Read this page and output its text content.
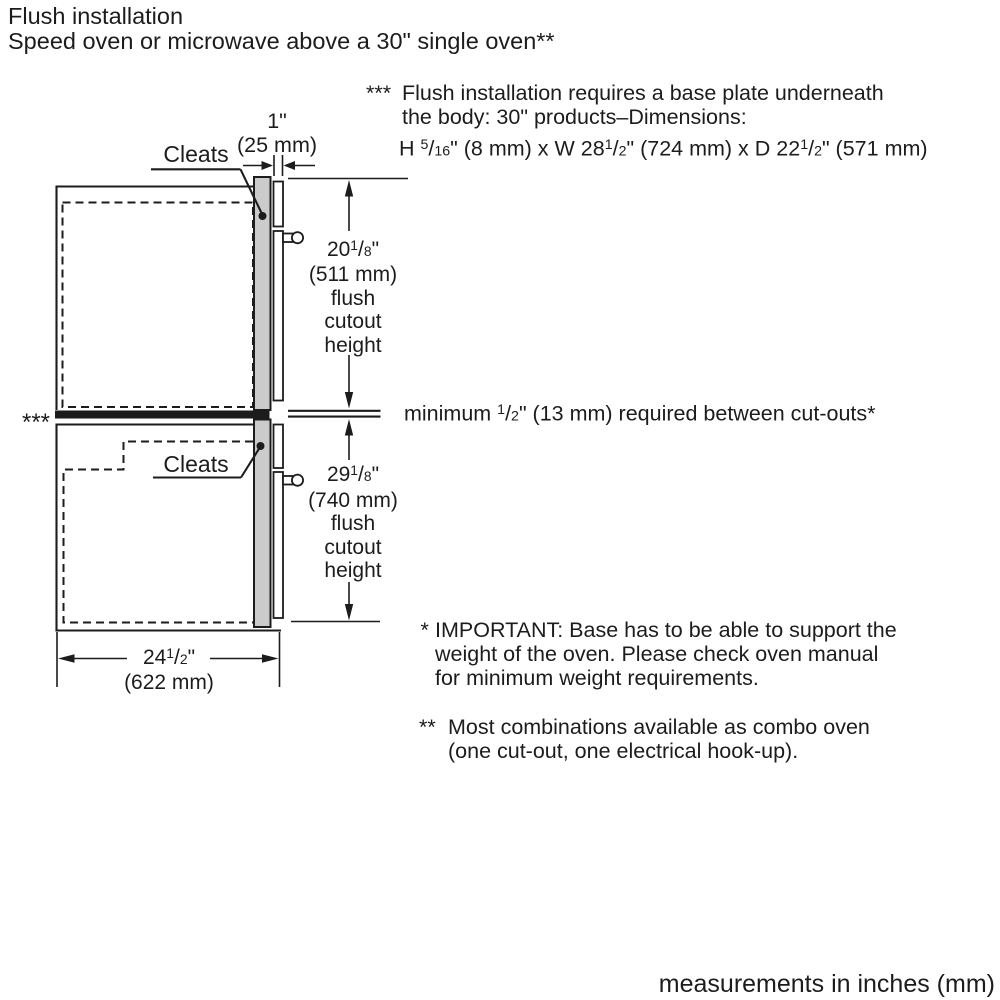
Flush installation
Speed oven or microwave above a 30" single oven**
*** Flush installation requires a base plate underneath
the body: 30" products–Dimensions:
H $^5$/16" (8 mm) x W 28$^1$/2" (724 mm) x D 22$^1$/2" (571 mm)
1"
(25 mm)
Cleats
Cleats
20$^1$/8"
(511 mm)
flush
cutout
height
minimum $^1$/2" (13 mm) required between cut-outs*
***
29$^1$/8"
(740 mm)
flush
cutout
height
24$^1$/2"
(622 mm)
* IMPORTANT: Base has to be able to support the
weight of the oven. Please check oven manual
for minimum weight requirements.
** Most combinations available as combo oven
(one cut-out, one electrical hook-up).
measurements in inches (mm)
